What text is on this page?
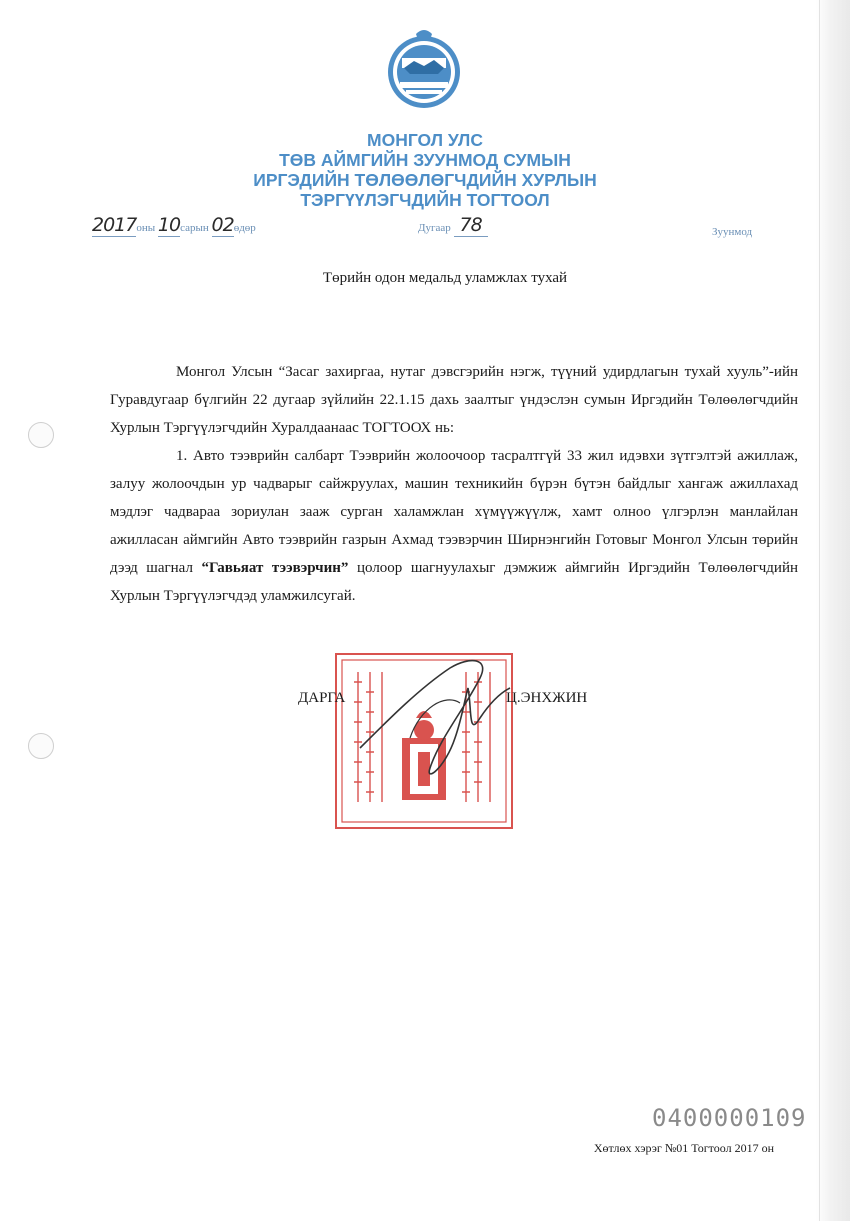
МОНГОЛ УЛС
ТӨВ АЙМГИЙН ЗУУНМОД СУМЫН
ИРГЭДИЙН ТӨЛӨӨЛӨГЧДИЙН ХУРЛЫН
ТЭРГҮҮЛЭГЧДИЙН ТОГТООЛ
2017оны 10сарын 02өдөр	Дугаар 78	Зуунмод
Төрийн одон медальд уламжлах тухай

Монгол Улсын “Засаг захиргаа, нутаг дэвсгэрийн нэгж, түүний удирдлагын тухай хууль”-ийн Гуравдугаар бүлгийн 22 дугаар зүйлийн 22.1.15 дахь заалтыг үндэслэн сумын Иргэдийн Төлөөлөгчдийн Хурлын Тэргүүлэгчдийн Хуралдаанаас ТОГТООХ нь:

1. Авто тээврийн салбарт Тээврийн жолоочоор тасралтгүй 33 жил идэвхи зүтгэлтэй ажиллаж, залуу жолоочдын ур чадварыг сайжруулах, машин техникийн бүрэн бүтэн байдлыг хангаж ажиллахад мэдлэг чадвараа зориулан зааж сурган халамжлан хүмүүжүүлж, хамт олноо үлгэрлэн манлайлан ажилласан аймгийн Авто тээврийн газрын Ахмад тээвэрчин Ширнэнгийн Готовыг Монгол Улсын төрийн дээд шагнал “Гавьяат тээвэрчин” цолоор шагнуулахыг дэмжиж аймгийн Иргэдийн Төлөөлөгчдийн Хурлын Тэргүүлэгчдэд уламжилсугай.

ДАРГА	Ц.ЭНХЖИН
0400000109
Хөтлөх хэрэг №01 Тогтоол 2017 он
